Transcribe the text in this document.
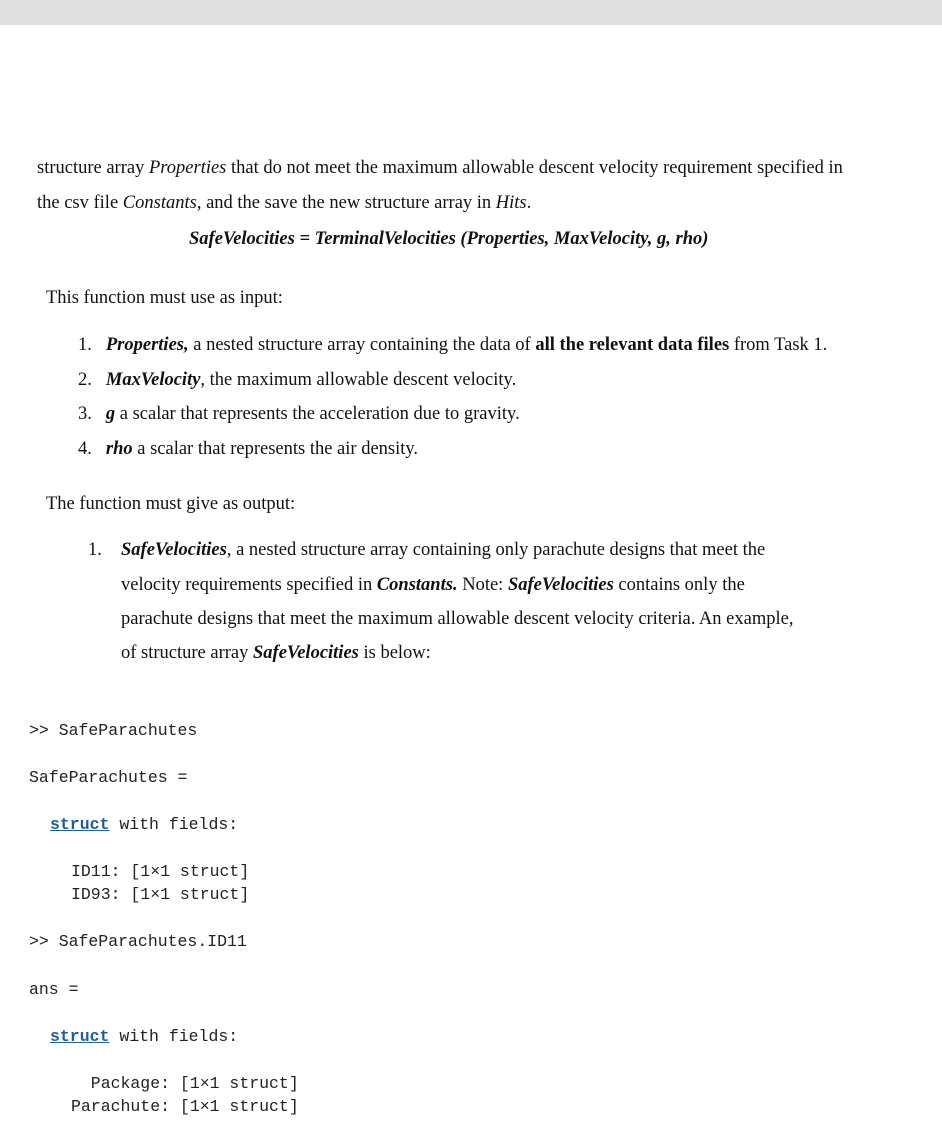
structure array Properties that do not meet the maximum allowable descent velocity requirement specified in
the csv file Constants, and the save the new structure array in Hits.
SafeVelocities = TerminalVelocities (Properties, MaxVelocity, g, rho)
This function must use as input:
1. Properties, a nested structure array containing the data of all the relevant data files from Task 1.
2. MaxVelocity, the maximum allowable descent velocity.
3. g a scalar that represents the acceleration due to gravity.
4. rho a scalar that represents the air density.
The function must give as output:
1. SafeVelocities, a nested structure array containing only parachute designs that meet the
velocity requirements specified in Constants. Note: SafeVelocities contains only the
parachute designs that meet the maximum allowable descent velocity criteria. An example,
of structure array SafeVelocities is below:
>> SafeParachutes
SafeParachutes =
struct with fields:
ID11: [1×1 struct]
ID93: [1×1 struct]
>> SafeParachutes.ID11
ans =
struct with fields:
Package: [1×1 struct]
Parachute: [1×1 struct]
